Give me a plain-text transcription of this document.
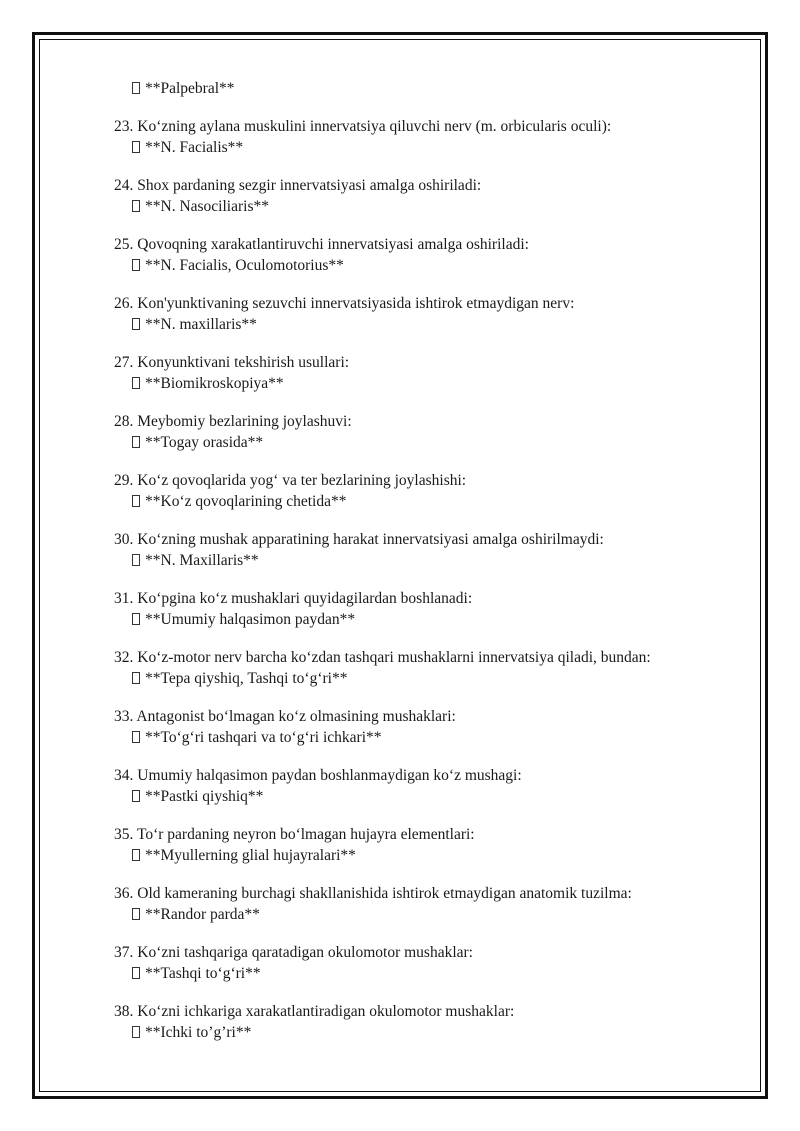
**Palpebral**
23. Ko‘zning aylana muskulini innervatsiya qiluvchi nerv (m. orbicularis oculi):
**N. Facialis**
24. Shox pardaning sezgir innervatsiyasi amalga oshiriladi:
**N. Nasociliaris**
25. Qovoqning xarakatlantiruvchi innervatsiyasi amalga oshiriladi:
**N. Facialis, Oculomotorius**
26. Kon'yunktivaning sezuvchi innervatsiyasida ishtirok etmaydigan nerv:
**N. maxillaris**
27. Konyunktivani tekshirish usullari:
**Biomikroskopiya**
28. Meybomiy bezlarining joylashuvi:
**Togay orasida**
29. Ko‘z qovoqlarida yog‘ va ter bezlarining joylashishi:
**Ko‘z qovoqlarining chetida**
30. Ko‘zning mushak apparatining harakat innervatsiyasi amalga oshirilmaydi:
**N. Maxillaris**
31. Ko‘pgina ko‘z mushaklari quyidagilardan boshlanadi:
**Umumiy halqasimon paydan**
32. Ko‘z-motor nerv barcha ko‘zdan tashqari mushaklarni innervatsiya qiladi, bundan:
**Tepa qiyshiq, Tashqi to‘g‘ri**
33. Antagonist bo‘lmagan ko‘z olmasining mushaklari:
**To‘g‘ri tashqari va to‘g‘ri ichkari**
34. Umumiy halqasimon paydan boshlanmaydigan ko‘z mushagi:
**Pastki qiyshiq**
35. To‘r pardaning neyron bo‘lmagan hujayra elementlari:
**Myullerning glial hujayralari**
36. Old kameraning burchagi shakllanishida ishtirok etmaydigan anatomik tuzilma:
**Randor parda**
37. Ko‘zni tashqariga qaratadigan okulomotor mushaklar:
**Tashqi to‘g‘ri**
38. Ko‘zni ichkariga xarakatlantiradigan okulomotor mushaklar:
**Ichki to’g’ri**
